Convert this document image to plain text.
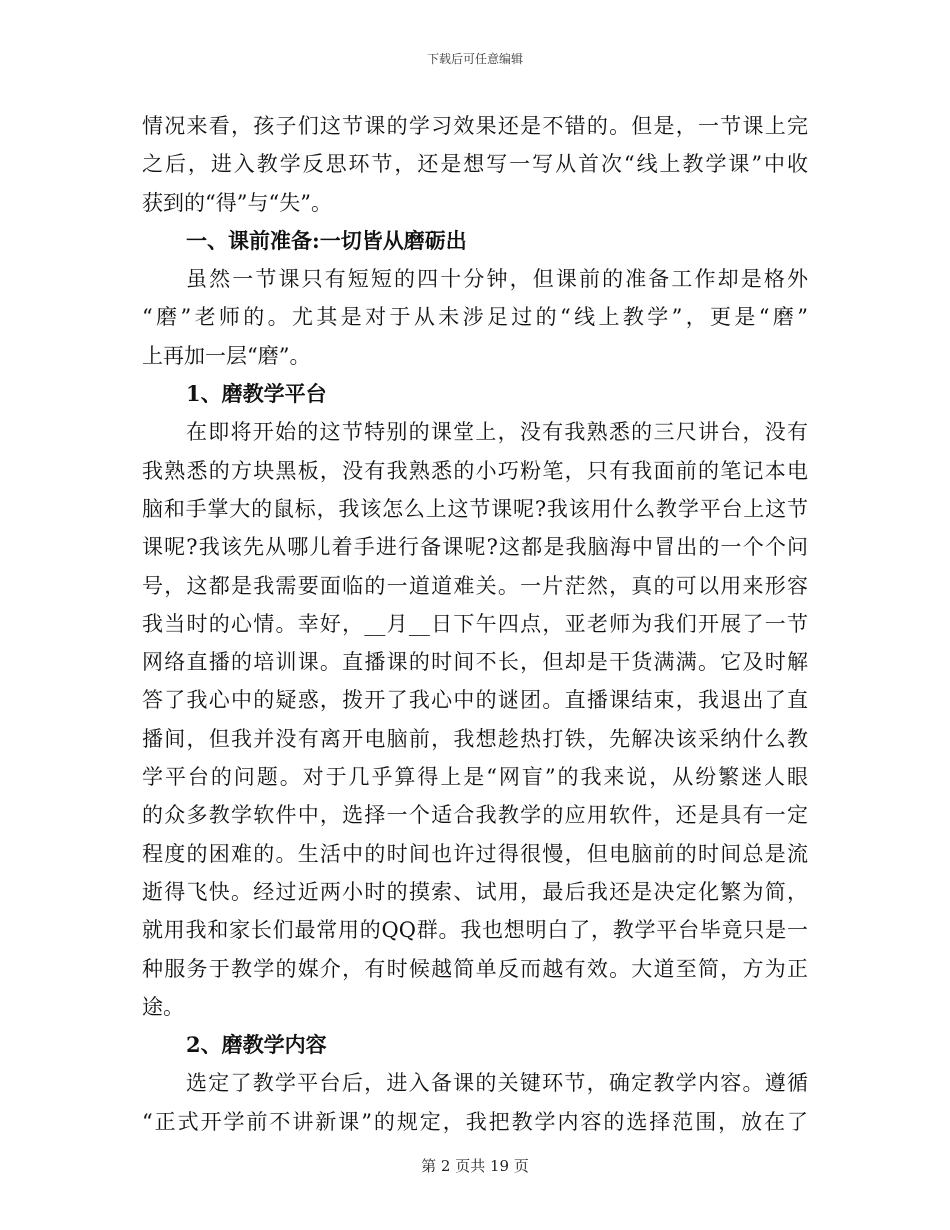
下载后可任意编辑
情况来看，孩子们这节课的学习效果还是不错的。但是，一节课上完
之后，进入教学反思环节，还是想写一写从首次“线上教学课”中收
获到的“得”与“失”。
一、课前准备:一切皆从磨砺出
虽然一节课只有短短的四十分钟，但课前的准备工作却是格外
“磨”老师的。尤其是对于从未涉足过的“线上教学”，更是“磨”
上再加一层“磨”。
1、磨教学平台
在即将开始的这节特别的课堂上，没有我熟悉的三尺讲台，没有
我熟悉的方块黑板，没有我熟悉的小巧粉笔，只有我面前的笔记本电
脑和手掌大的鼠标，我该怎么上这节课呢?我该用什么教学平台上这节
课呢?我该先从哪儿着手进行备课呢?这都是我脑海中冒出的一个个问
号，这都是我需要面临的一道道难关。一片茫然，真的可以用来形容
我当时的心情。幸好，__月__日下午四点，亚老师为我们开展了一节
网络直播的培训课。直播课的时间不长，但却是干货满满。它及时解
答了我心中的疑惑，拨开了我心中的谜团。直播课结束，我退出了直
播间，但我并没有离开电脑前，我想趁热打铁，先解决该采纳什么教
学平台的问题。对于几乎算得上是“网盲”的我来说，从纷繁迷人眼
的众多教学软件中，选择一个适合我教学的应用软件，还是具有一定
程度的困难的。生活中的时间也许过得很慢，但电脑前的时间总是流
逝得飞快。经过近两小时的摸索、试用，最后我还是决定化繁为简，
就用我和家长们最常用的QQ群。我也想明白了，教学平台毕竟只是一
种服务于教学的媒介，有时候越简单反而越有效。大道至简，方为正
途。
2、磨教学内容
选定了教学平台后，进入备课的关键环节，确定教学内容。遵循
“正式开学前不讲新课”的规定，我把教学内容的选择范围，放在了
第 2 页共 19 页
